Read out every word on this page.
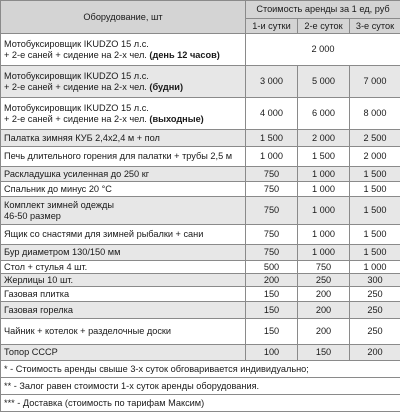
Оборудование, шт	Стоимость аренды за 1 ед, руб		
	1-и сутки	2-е суток	3-е суток
Мотобуксировщик IKUDZO 15 л.с.
+ 2-е саней + сидение на 2-х чел. (день 12 часов)	2 000		
Мотобуксировщик IKUDZO 15 л.с.
+ 2-е саней + сидение на 2-х чел. (будни)	3 000	5 000	7 000
Мотобуксировщик IKUDZO 15 л.с.
+ 2-е саней + сидение на 2-х чел. (выходные)	4 000	6 000	8 000
Палатка зимняя КУБ 2,4х2,4 м + пол	1 500	2 000	2 500
Печь длительного горения для палатки + трубы 2,5 м	1 000	1 500	2 000
Раскладушка усиленная до 250 кг	750	1 000	1 500
Спальник до минус 20 °C	750	1 000	1 500
Комплект зимней одежды
46-50 размер	750	1 000	1 500
Ящик со снастями для зимней рыбалки + сани	750	1 000	1 500
Бур диаметром 130/150 мм	750	1 000	1 500
Стол + стулья 4 шт.	500	750	1 000
Жерлицы 10 шт.	200	250	300
Газовая плитка	150	200	250
Газовая горелка	150	200	250
Чайник + котелок + разделочные доски	150	200	250
Топор СССР	100	150	200
* - Стоимость аренды свыше 3-х суток обговаривается индивидуально;			
** - Залог равен стоимости 1-х суток аренды оборудования.			
*** - Доставка (стоимость по тарифам Максим)			
